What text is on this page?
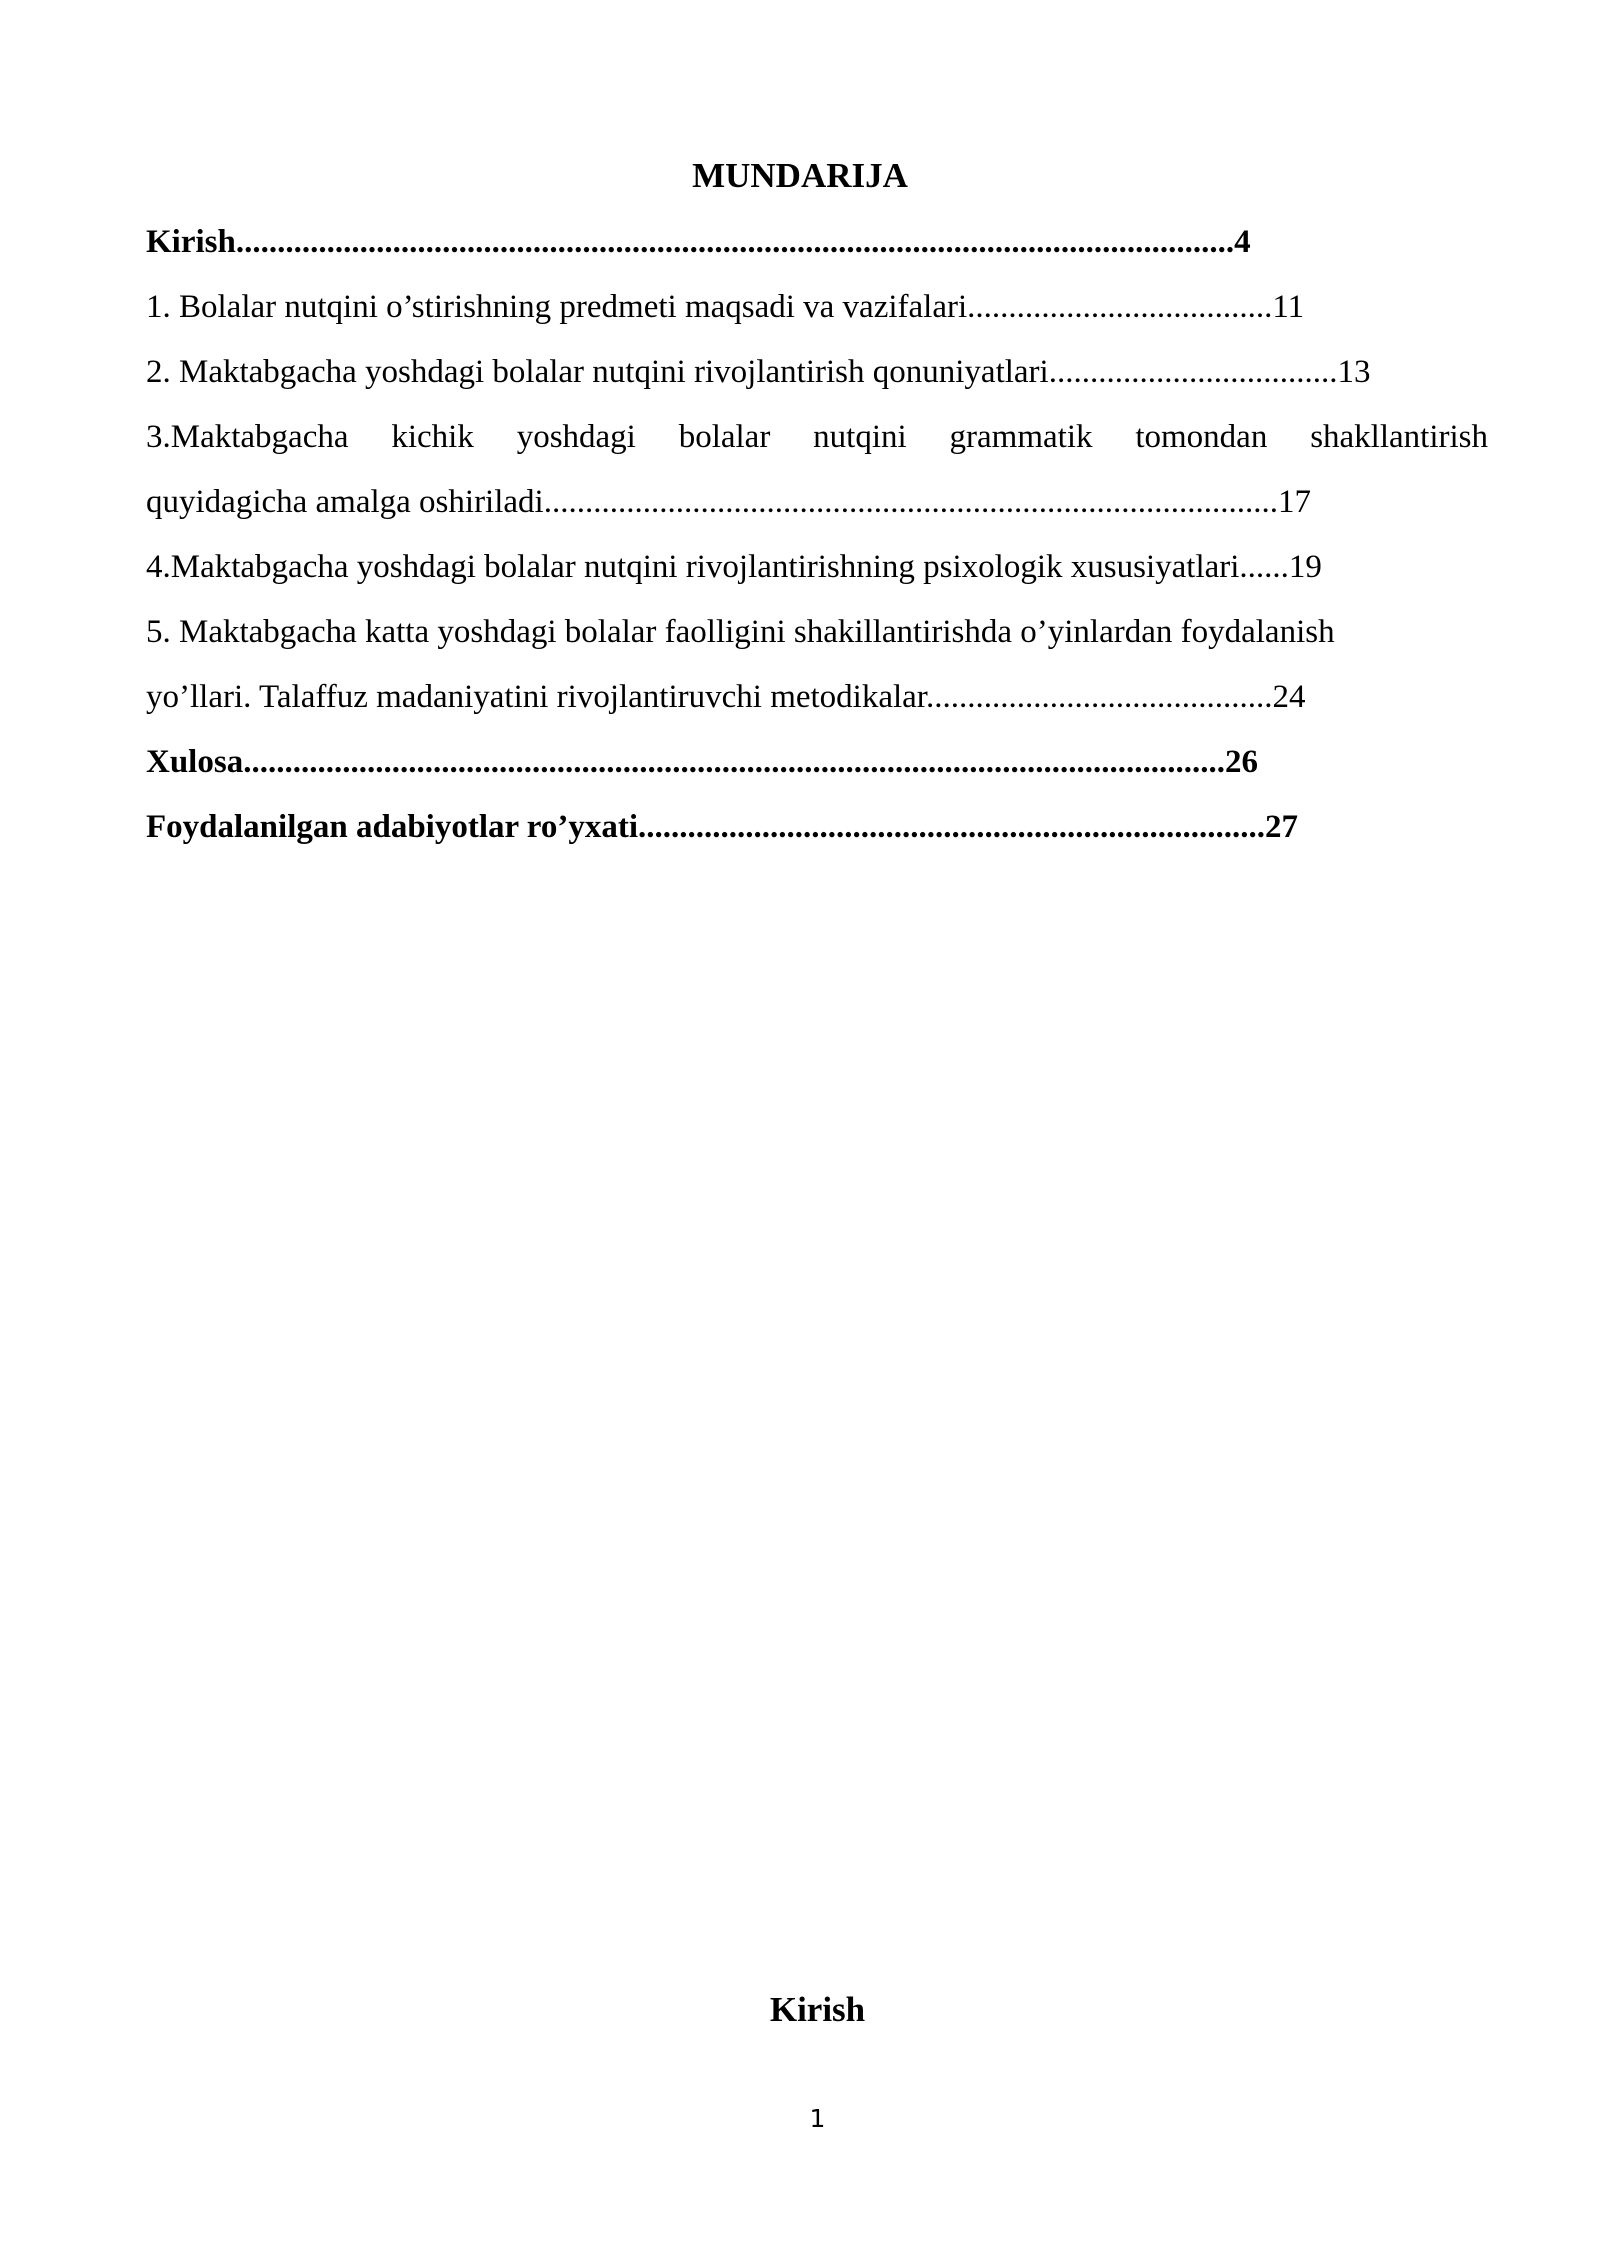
MUNDARIJA
Kirish.........................................................................................................................4
1. Bolalar nutqini o’stirishning predmeti maqsadi va vazifalari.....................................11
2. Maktabgacha yoshdagi bolalar nutqini rivojlantirish qonuniyatlari...................................13
3.Maktabgacha kichik yoshdagi bolalar nutqini grammatik tomondan shakllantirish
quyidagicha amalga oshiriladi.........................................................................................17
4.Maktabgacha yoshdagi bolalar nutqini rivojlantirishning psixologik xususiyatlari......19
5. Maktabgacha katta yoshdagi bolalar faolligini shakillantirishda o’yinlardan foydalanish
yo’llari. Talaffuz madaniyatini rivojlantiruvchi metodikalar..........................................24
Xulosa.......................................................................................................................26
Foydalanilgan adabiyotlar ro’yxati............................................................................27
Kirish
1
